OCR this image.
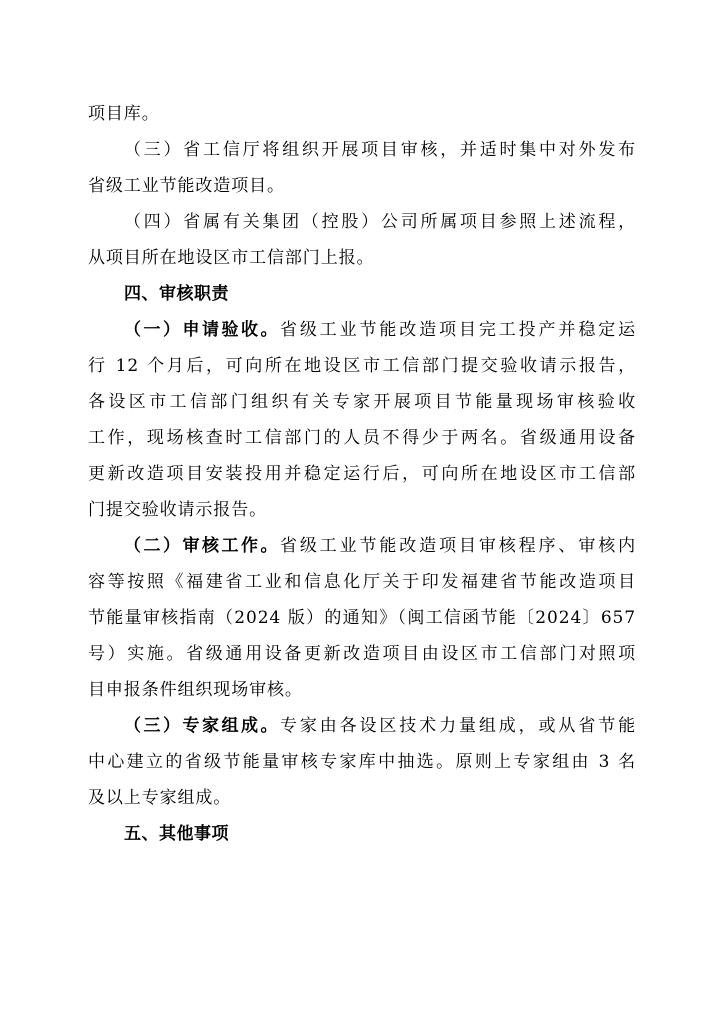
项目库。
（三）省工信厅将组织开展项目审核，并适时集中对外发布
省级工业节能改造项目。
（四）省属有关集团（控股）公司所属项目参照上述流程，
从项目所在地设区市工信部门上报。
四、审核职责
（一）申请验收。省级工业节能改造项目完工投产并稳定运
行 12 个月后，可向所在地设区市工信部门提交验收请示报告，
各设区市工信部门组织有关专家开展项目节能量现场审核验收
工作，现场核查时工信部门的人员不得少于两名。省级通用设备
更新改造项目安装投用并稳定运行后，可向所在地设区市工信部
门提交验收请示报告。
（二）审核工作。省级工业节能改造项目审核程序、审核内
容等按照《福建省工业和信息化厅关于印发福建省节能改造项目
节能量审核指南（2024 版）的通知》（闽工信函节能〔2024〕657
号）实施。省级通用设备更新改造项目由设区市工信部门对照项
目申报条件组织现场审核。
（三）专家组成。专家由各设区技术力量组成，或从省节能
中心建立的省级节能量审核专家库中抽选。原则上专家组由 3 名
及以上专家组成。
五、其他事项
